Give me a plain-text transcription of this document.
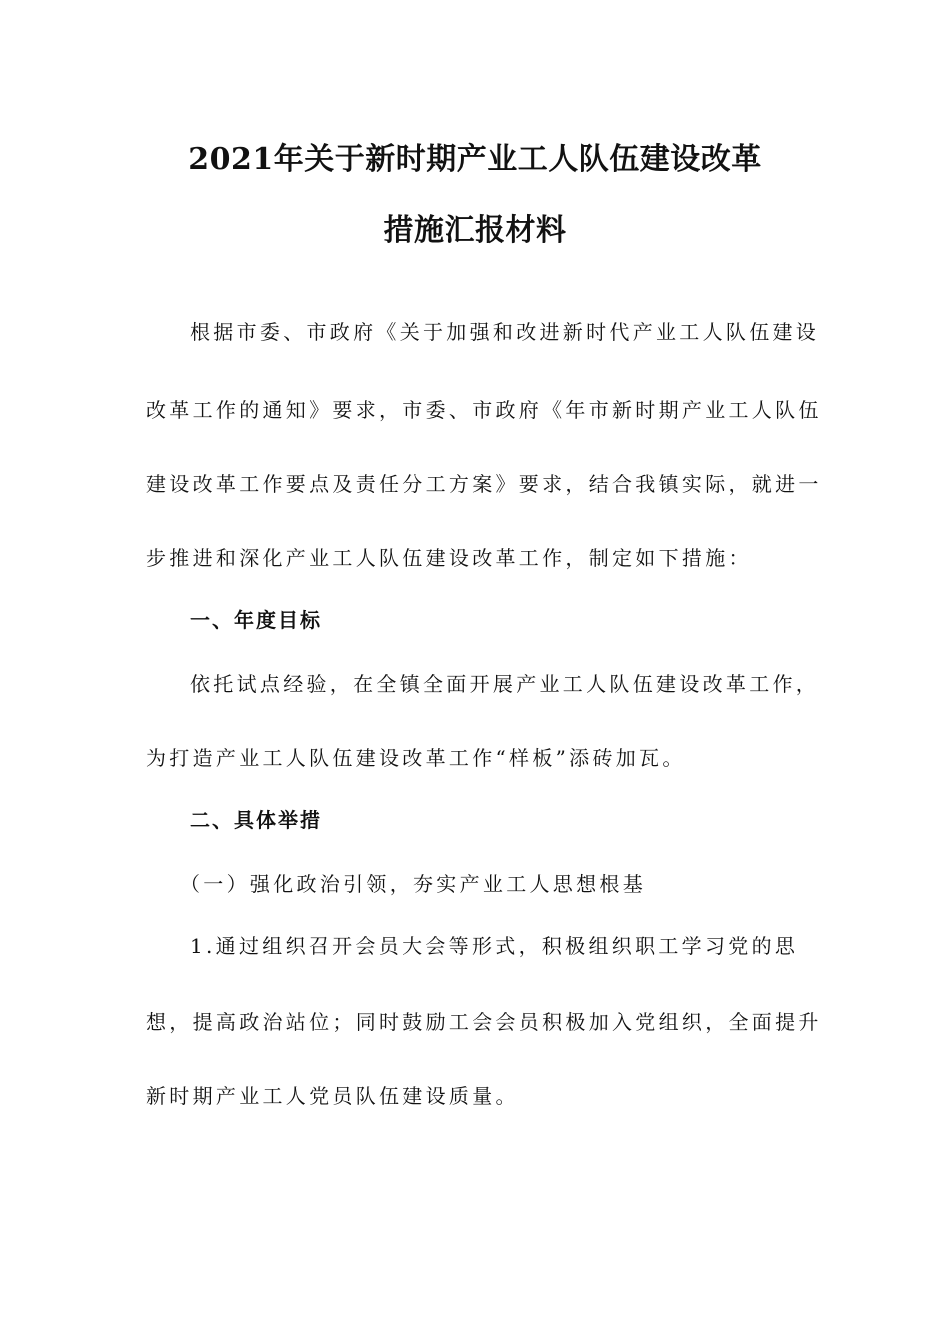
2021年关于新时期产业工人队伍建设改革
措施汇报材料
根据市委、市政府《关于加强和改进新时代产业工人队伍建设
改革工作的通知》要求，市委、市政府《年市新时期产业工人队伍
建设改革工作要点及责任分工方案》要求，结合我镇实际，就进一
步推进和深化产业工人队伍建设改革工作，制定如下措施：
一、年度目标
依托试点经验，在全镇全面开展产业工人队伍建设改革工作，
为打造产业工人队伍建设改革工作“样板”添砖加瓦。
二、具体举措
（一）强化政治引领，夯实产业工人思想根基
1.通过组织召开会员大会等形式，积极组织职工学习党的思
想，提高政治站位；同时鼓励工会会员积极加入党组织，全面提升
新时期产业工人党员队伍建设质量。
